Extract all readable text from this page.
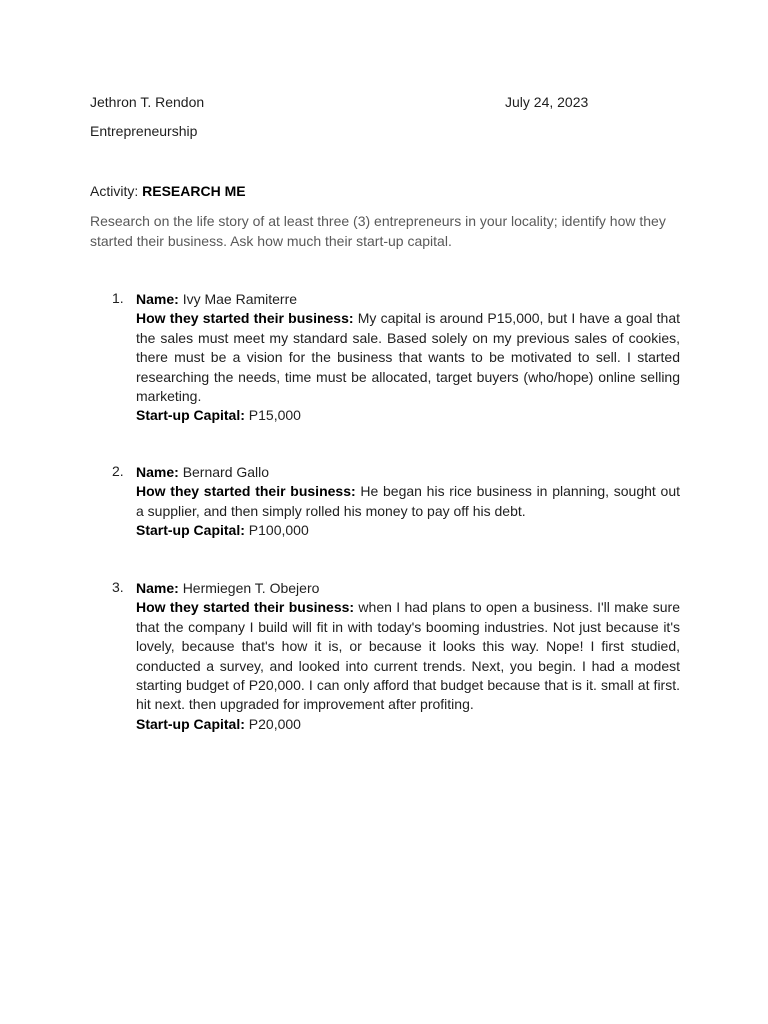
Jethron T. Rendon	July 24, 2023
Entrepreneurship
Activity: RESEARCH ME
Research on the life story of at least three (3) entrepreneurs in your locality; identify how they started their business. Ask how much their start-up capital.
1. Name: Ivy Mae Ramiterre
How they started their business: My capital is around P15,000, but I have a goal that the sales must meet my standard sale. Based solely on my previous sales of cookies, there must be a vision for the business that wants to be motivated to sell. I started researching the needs, time must be allocated, target buyers (who/hope) online selling marketing.
Start-up Capital: P15,000
2. Name: Bernard Gallo
How they started their business: He began his rice business in planning, sought out a supplier, and then simply rolled his money to pay off his debt.
Start-up Capital: P100,000
3. Name: Hermiegen T. Obejero
How they started their business: when I had plans to open a business. I'll make sure that the company I build will fit in with today's booming industries. Not just because it's lovely, because that's how it is, or because it looks this way. Nope! I first studied, conducted a survey, and looked into current trends. Next, you begin. I had a modest starting budget of P20,000. I can only afford that budget because that is it. small at first. hit next. then upgraded for improvement after profiting.
Start-up Capital: P20,000
